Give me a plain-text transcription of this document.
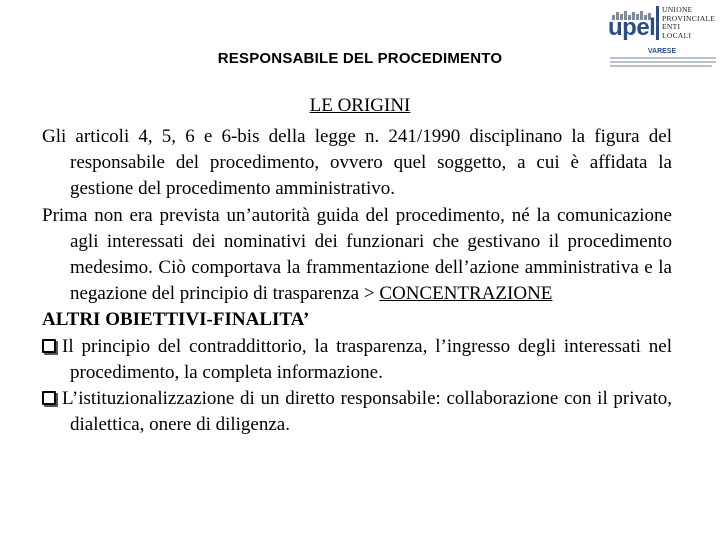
RESPONSABILE DEL PROCEDIMENTO
upel
UNIONE
PROVINCIALE
ENTI
LOCALI
VARESE
LE ORIGINI
Gli articoli 4, 5, 6 e 6-bis della legge n. 241/1990 disciplinano la figura del responsabile del procedimento, ovvero quel soggetto, a cui è affidata la gestione del procedimento amministrativo.
Prima non era prevista un’autorità guida del procedimento, né la comunicazione agli interessati dei nominativi dei funzionari che gestivano il procedimento medesimo. Ciò comportava la frammentazione dell’azione amministrativa e la negazione del principio di trasparenza > CONCENTRAZIONE
ALTRI OBIETTIVI-FINALITA’
Il principio del contraddittorio, la trasparenza, l’ingresso degli interessati nel procedimento, la completa informazione.
L’istituzionalizzazione di un diretto responsabile: collaborazione con il privato, dialettica, onere di diligenza.
